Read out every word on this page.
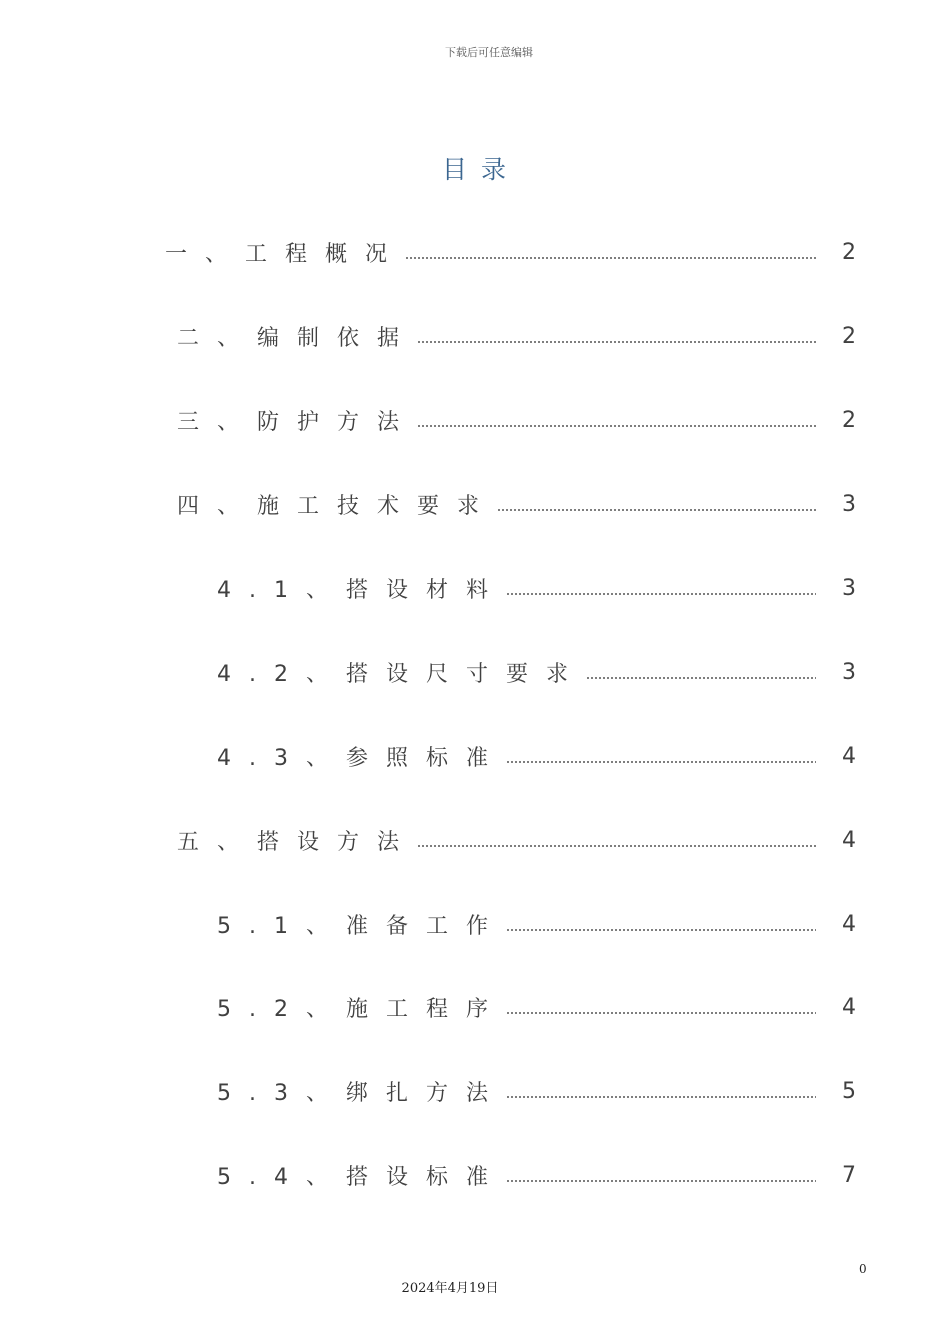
下载后可任意编辑
目录
一、工程概况	2
二、编制依据	2
三、防护方法	2
四、施工技术要求	3
4.1、搭设材料	3
4.2、搭设尺寸要求	3
4.3、参照标准	4
五、搭设方法	4
5.1、准备工作	4
5.2、施工程序	4
5.3、绑扎方法	5
5.4、搭设标准	7
0
2024年4月19日
